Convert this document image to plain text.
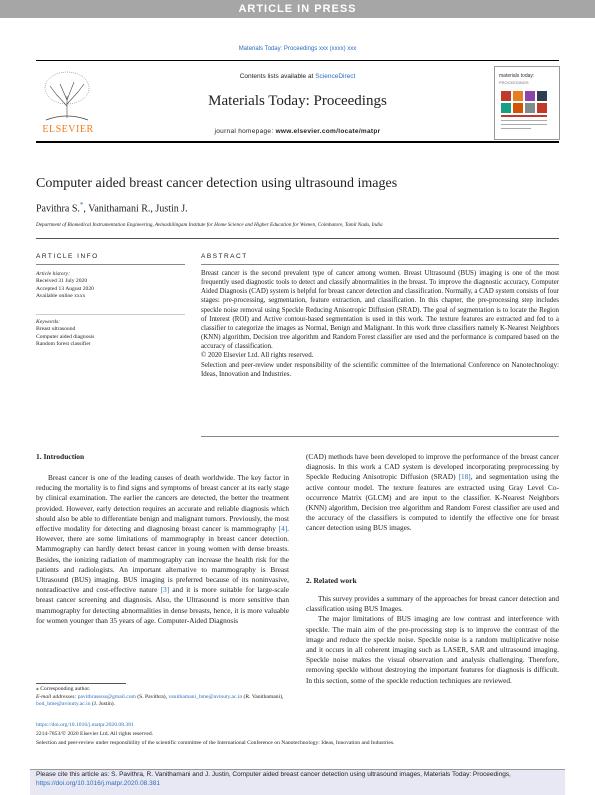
ARTICLE IN PRESS
Materials Today: Proceedings xxx (xxxx) xxx
ELSEVIER
Contents lists available at ScienceDirect
Materials Today: Proceedings
journal homepage: www.elsevier.com/locate/matpr
materials today:
PROCEEDINGS
Computer aided breast cancer detection using ultrasound images
Pavithra S.*, Vanithamani R., Justin J.
Department of Biomedical Instrumentation Engineering, Avinashilingam Institute for Home Science and Higher Education for Women, Coimbatore, Tamil Nadu, India
ARTICLE INFO
Article history:
Received 31 July 2020
Accepted 13 August 2020
Available online xxxx
Keywords:
Breast ultrasound
Computer aided diagnosis
Random forest classifier
ABSTRACT
Breast cancer is the second prevalent type of cancer among women. Breast Ultrasound (BUS) imaging is one of the most frequently used diagnostic tools to detect and classify abnormalities in the breast. To improve the diagnostic accuracy, Computer Aided Diagnosis (CAD) system is helpful for breast cancer detection and classification. Normally, a CAD system consists of four stages: pre-processing, segmentation, feature extraction, and classification. In this chapter, the pre-processing step includes speckle noise removal using Speckle Reducing Anisotropic Diffusion (SRAD). The goal of segmentation is to locate the Region of Interest (ROI) and Active contour-based segmentation is used in this work. The texture features are extracted and fed to a classifier to categorize the images as Normal, Benign and Malignant. In this work three classifiers namely K-Nearest Neighbors (KNN) algorithm, Decision tree algorithm and Random Forest classifier are used and the performance is compared based on the accuracy of classification.
© 2020 Elsevier Ltd. All rights reserved.
Selection and peer-review under responsibility of the scientific committee of the International Conference on Nanotechnology: Ideas, Innovation and Industries.
1. Introduction

Breast cancer is one of the leading causes of death worldwide. The key factor in reducing the mortality is to find signs and symptoms of breast cancer at its early stage by clinical examination. The earlier the cancers are detected, the better the treatment provided. However, early detection requires an accurate and reliable diagnosis which should also be able to differentiate benign and malignant tumors. Previously, the most effective modality for detecting and diagnosing breast cancer is mammography [4]. However, there are some limitations of mammography in breast cancer detection. Mammography can hardly detect breast cancer in young women with dense breasts. Besides, the ionizing radiation of mammography can increase the health risk for the patients and radiologists. An important alternative to mammography is Breast Ultrasound (BUS) imaging. BUS imaging is preferred because of its noninvasive, nonradioactive and cost-effective nature [3] and it is more suitable for large-scale breast cancer screening and diagnosis. Also, the Ultrasound is more sensitive than mammography for detecting abnormalities in dense breasts, hence, it is more valuable for women younger than 35 years of age. Computer-Aided Diagnosis

(CAD) methods have been developed to improve the performance of the breast cancer diagnosis. In this work a CAD system is developed incorporating preprocessing by Speckle Reducing Anisotropic Diffusion (SRAD) [18], and segmentation using the active contour model. The texture features are extracted using Gray Level Co-occurrence Matrix (GLCM) and are input to the classifier. K-Nearest Neighbors (KNN) algorithm, Decision tree algorithm and Random Forest classifier are used and the accuracy of the classifiers is computed to identify the effective one for breast cancer detection using BUS images.

2. Related work

This survey provides a summary of the approaches for breast cancer detection and classification using BUS Images.

The major limitations of BUS imaging are low contrast and interference with speckle. The main aim of the pre-processing step is to improve the contrast of the image and reduce the speckle noise. Speckle noise is a random multiplicative noise and it occurs in all coherent imaging such as LASER, SAR and ultrasound imaging. Speckle noise makes the visual observation and analysis challenging. Therefore, removing speckle without destroying the important features for diagnosis is difficult. In this section, some of the speckle reduction techniques are reviewed.

⁎ Corresponding author.
E-mail addresses: pavithrasssss@gmail.com (S. Pavithra), vanithamani_bme@avinuty.ac.in (R. Vanithamani), bod_bme@avinuty.ac.in (J. Justin).
https://doi.org/10.1016/j.matpr.2020.08.381
2214-7853/© 2020 Elsevier Ltd. All rights reserved.
Selection and peer-review under responsibility of the scientific committee of the International Conference on Nanotechnology: Ideas, Innovation and Industries.
Please cite this article as: S. Pavithra, R. Vanithamani and J. Justin, Computer aided breast cancer detection using ultrasound images, Materials Today: Proceedings, https://doi.org/10.1016/j.matpr.2020.08.381
